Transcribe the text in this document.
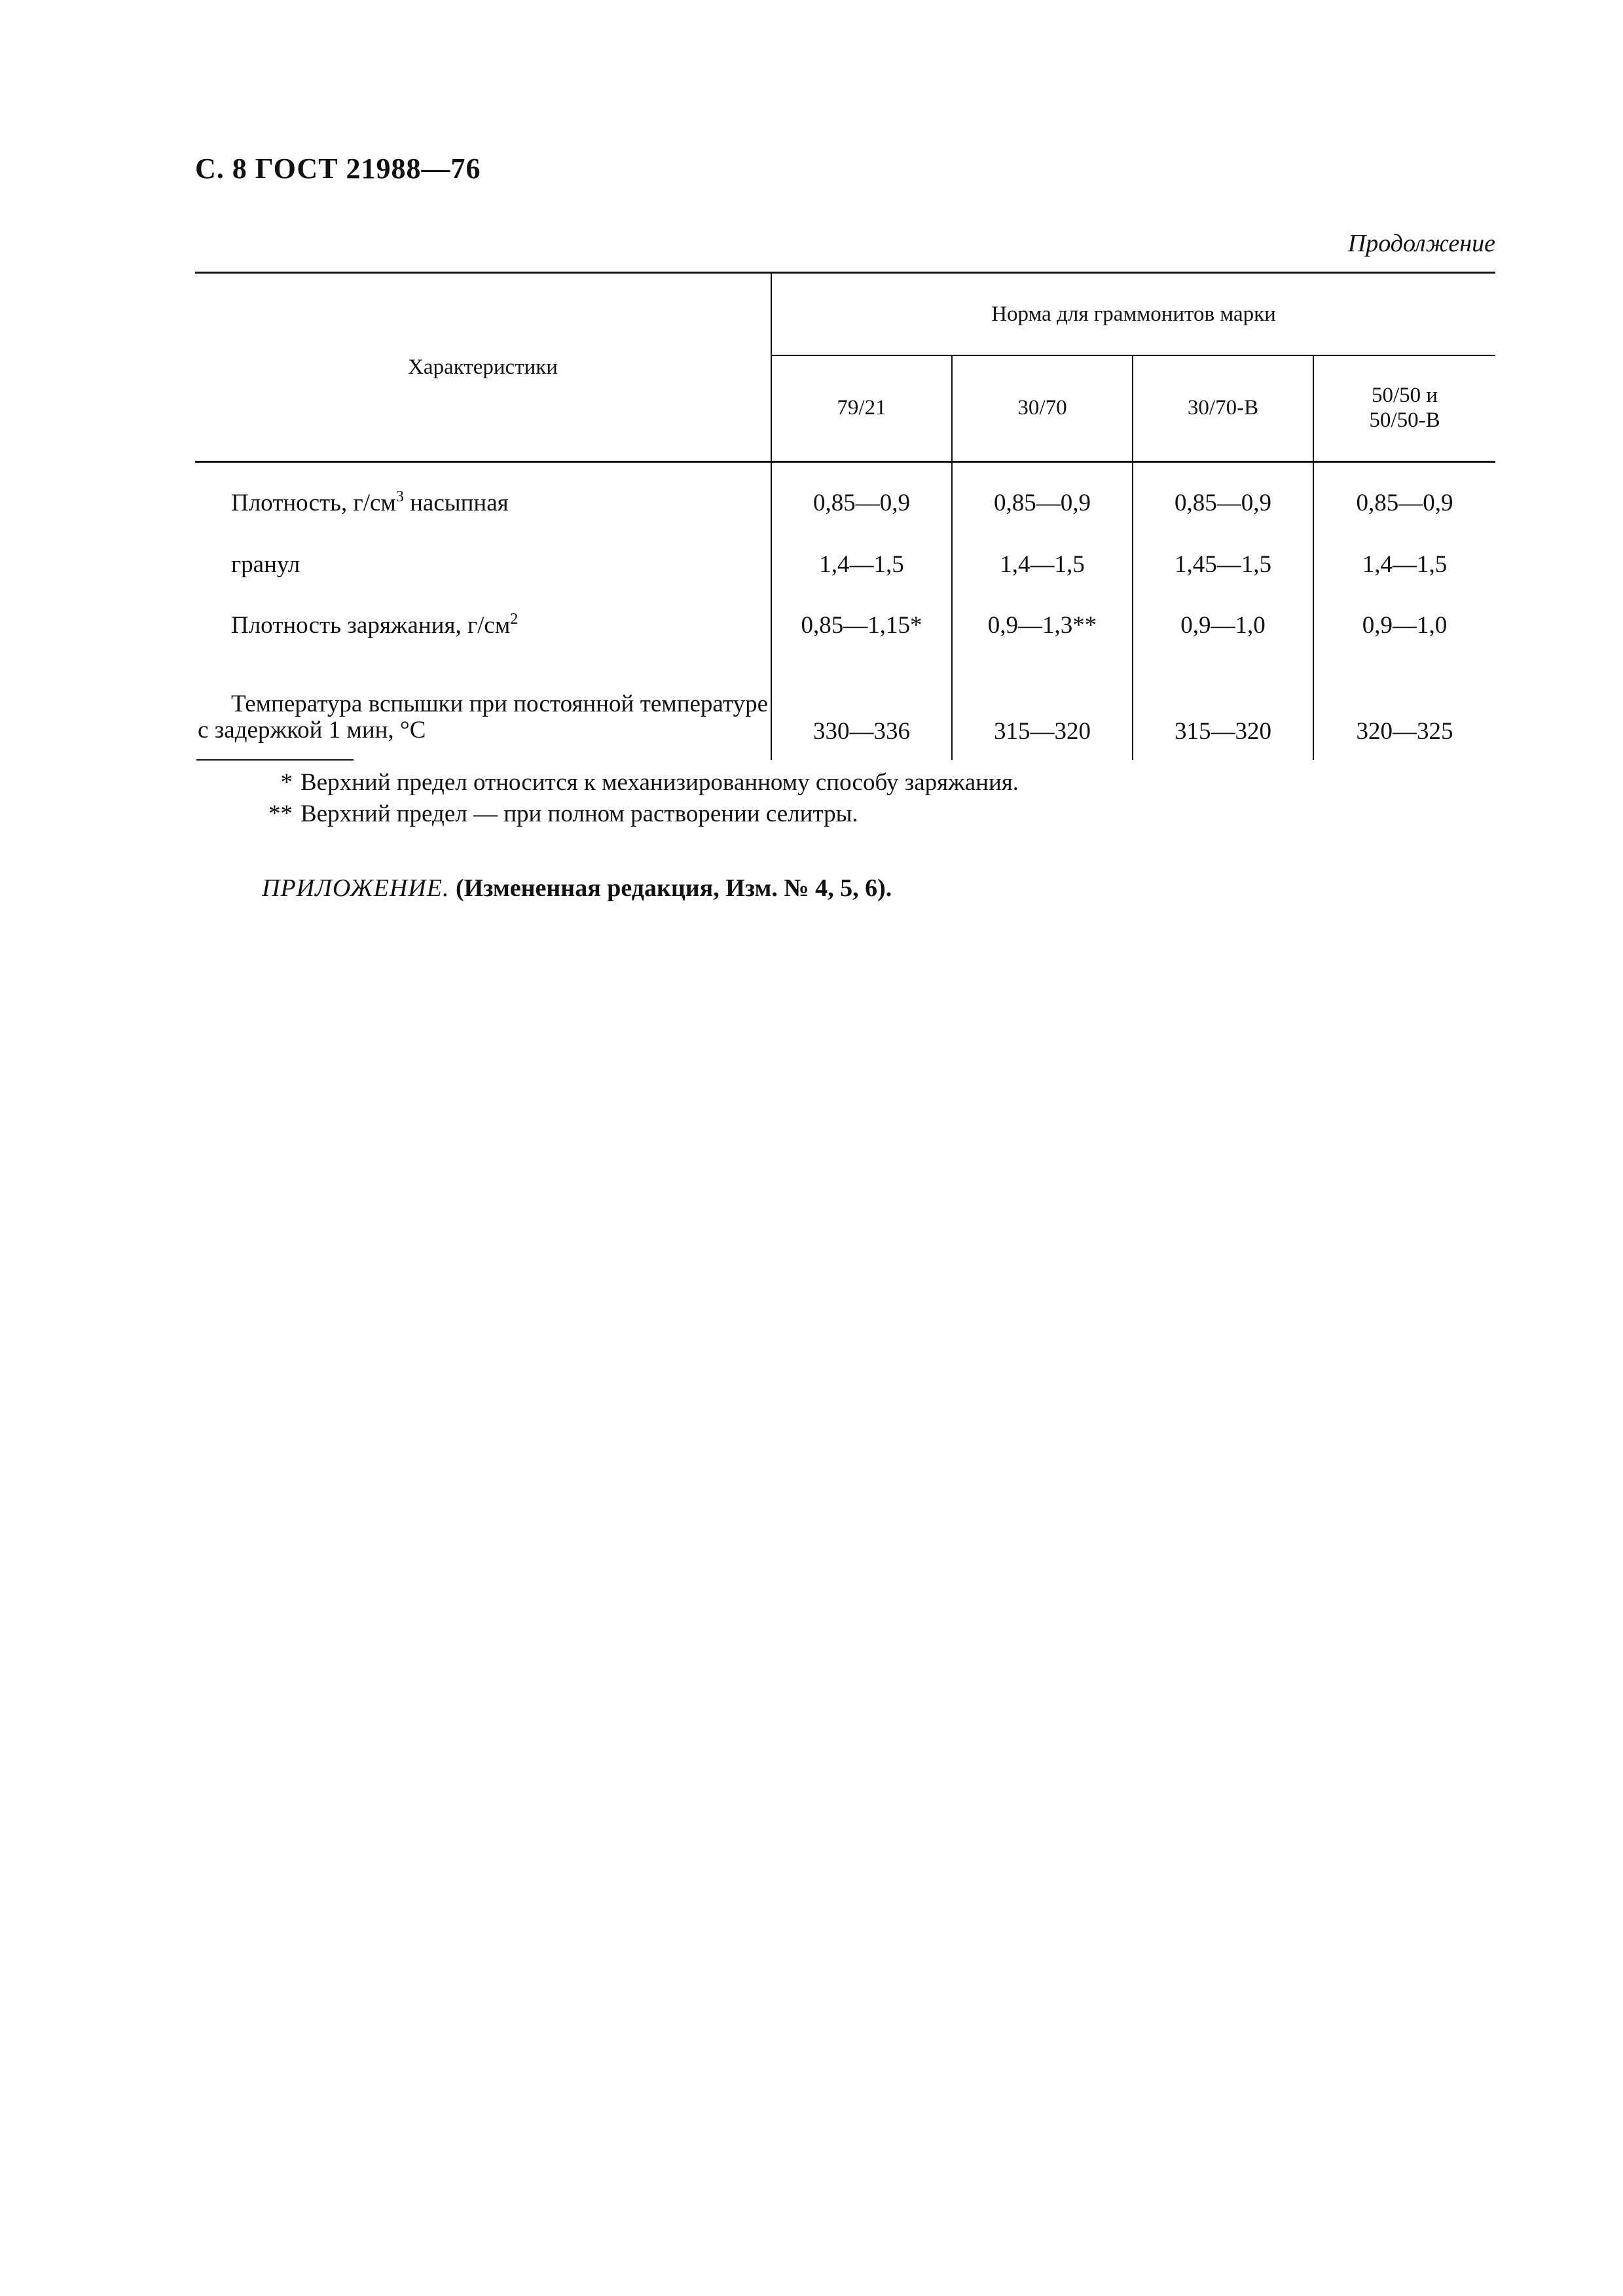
С. 8 ГОСТ 21988—76
Продолжение
Характеристики	Норма для граммонитов марки			
	79/21	30/70	30/70-В	50/50 и
50/50-В
Плотность, $г/см^3$ насыпная	0,85—0,9	0,85—0,9	0,85—0,9	0,85—0,9
гранул	1,4—1,5	1,4—1,5	1,45—1,5	1,4—1,5
Плотность заряжания, $г/см^2$	0,85—1,15*	0,9—1,3**	0,9—1,0	0,9—1,0
Температура вспышки при постоянной температуре с задержкой 1 мин, °С	330—336	315—320	315—320	320—325
* Верхний предел относится к механизированному способу заряжания.
** Верхний предел — при полном растворении селитры.
ПРИЛОЖЕНИЕ. (Измененная редакция, Изм. № 4, 5, 6).
